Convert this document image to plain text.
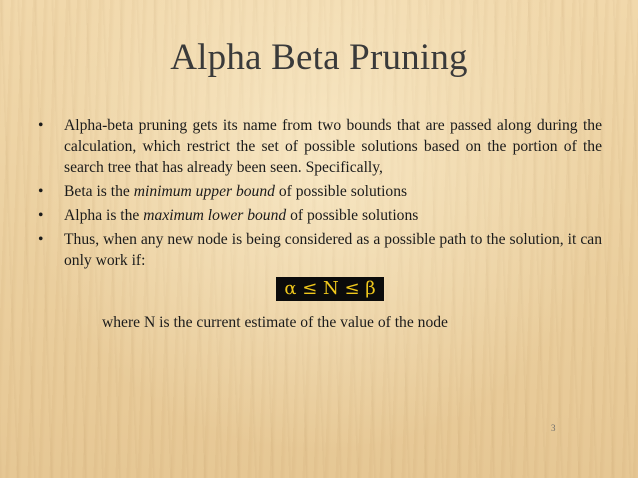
Alpha Beta Pruning
• Alpha-beta pruning gets its name from two bounds that are passed along during the calculation, which restrict the set of possible solutions based on the portion of the search tree that has already been seen. Specifically,
• Beta is the minimum upper bound of possible solutions
• Alpha is the maximum lower bound of possible solutions
• Thus, when any new node is being considered as a possible path to the solution, it can only work if:
α ≤ N ≤ β
where N is the current estimate of the value of the node
3
